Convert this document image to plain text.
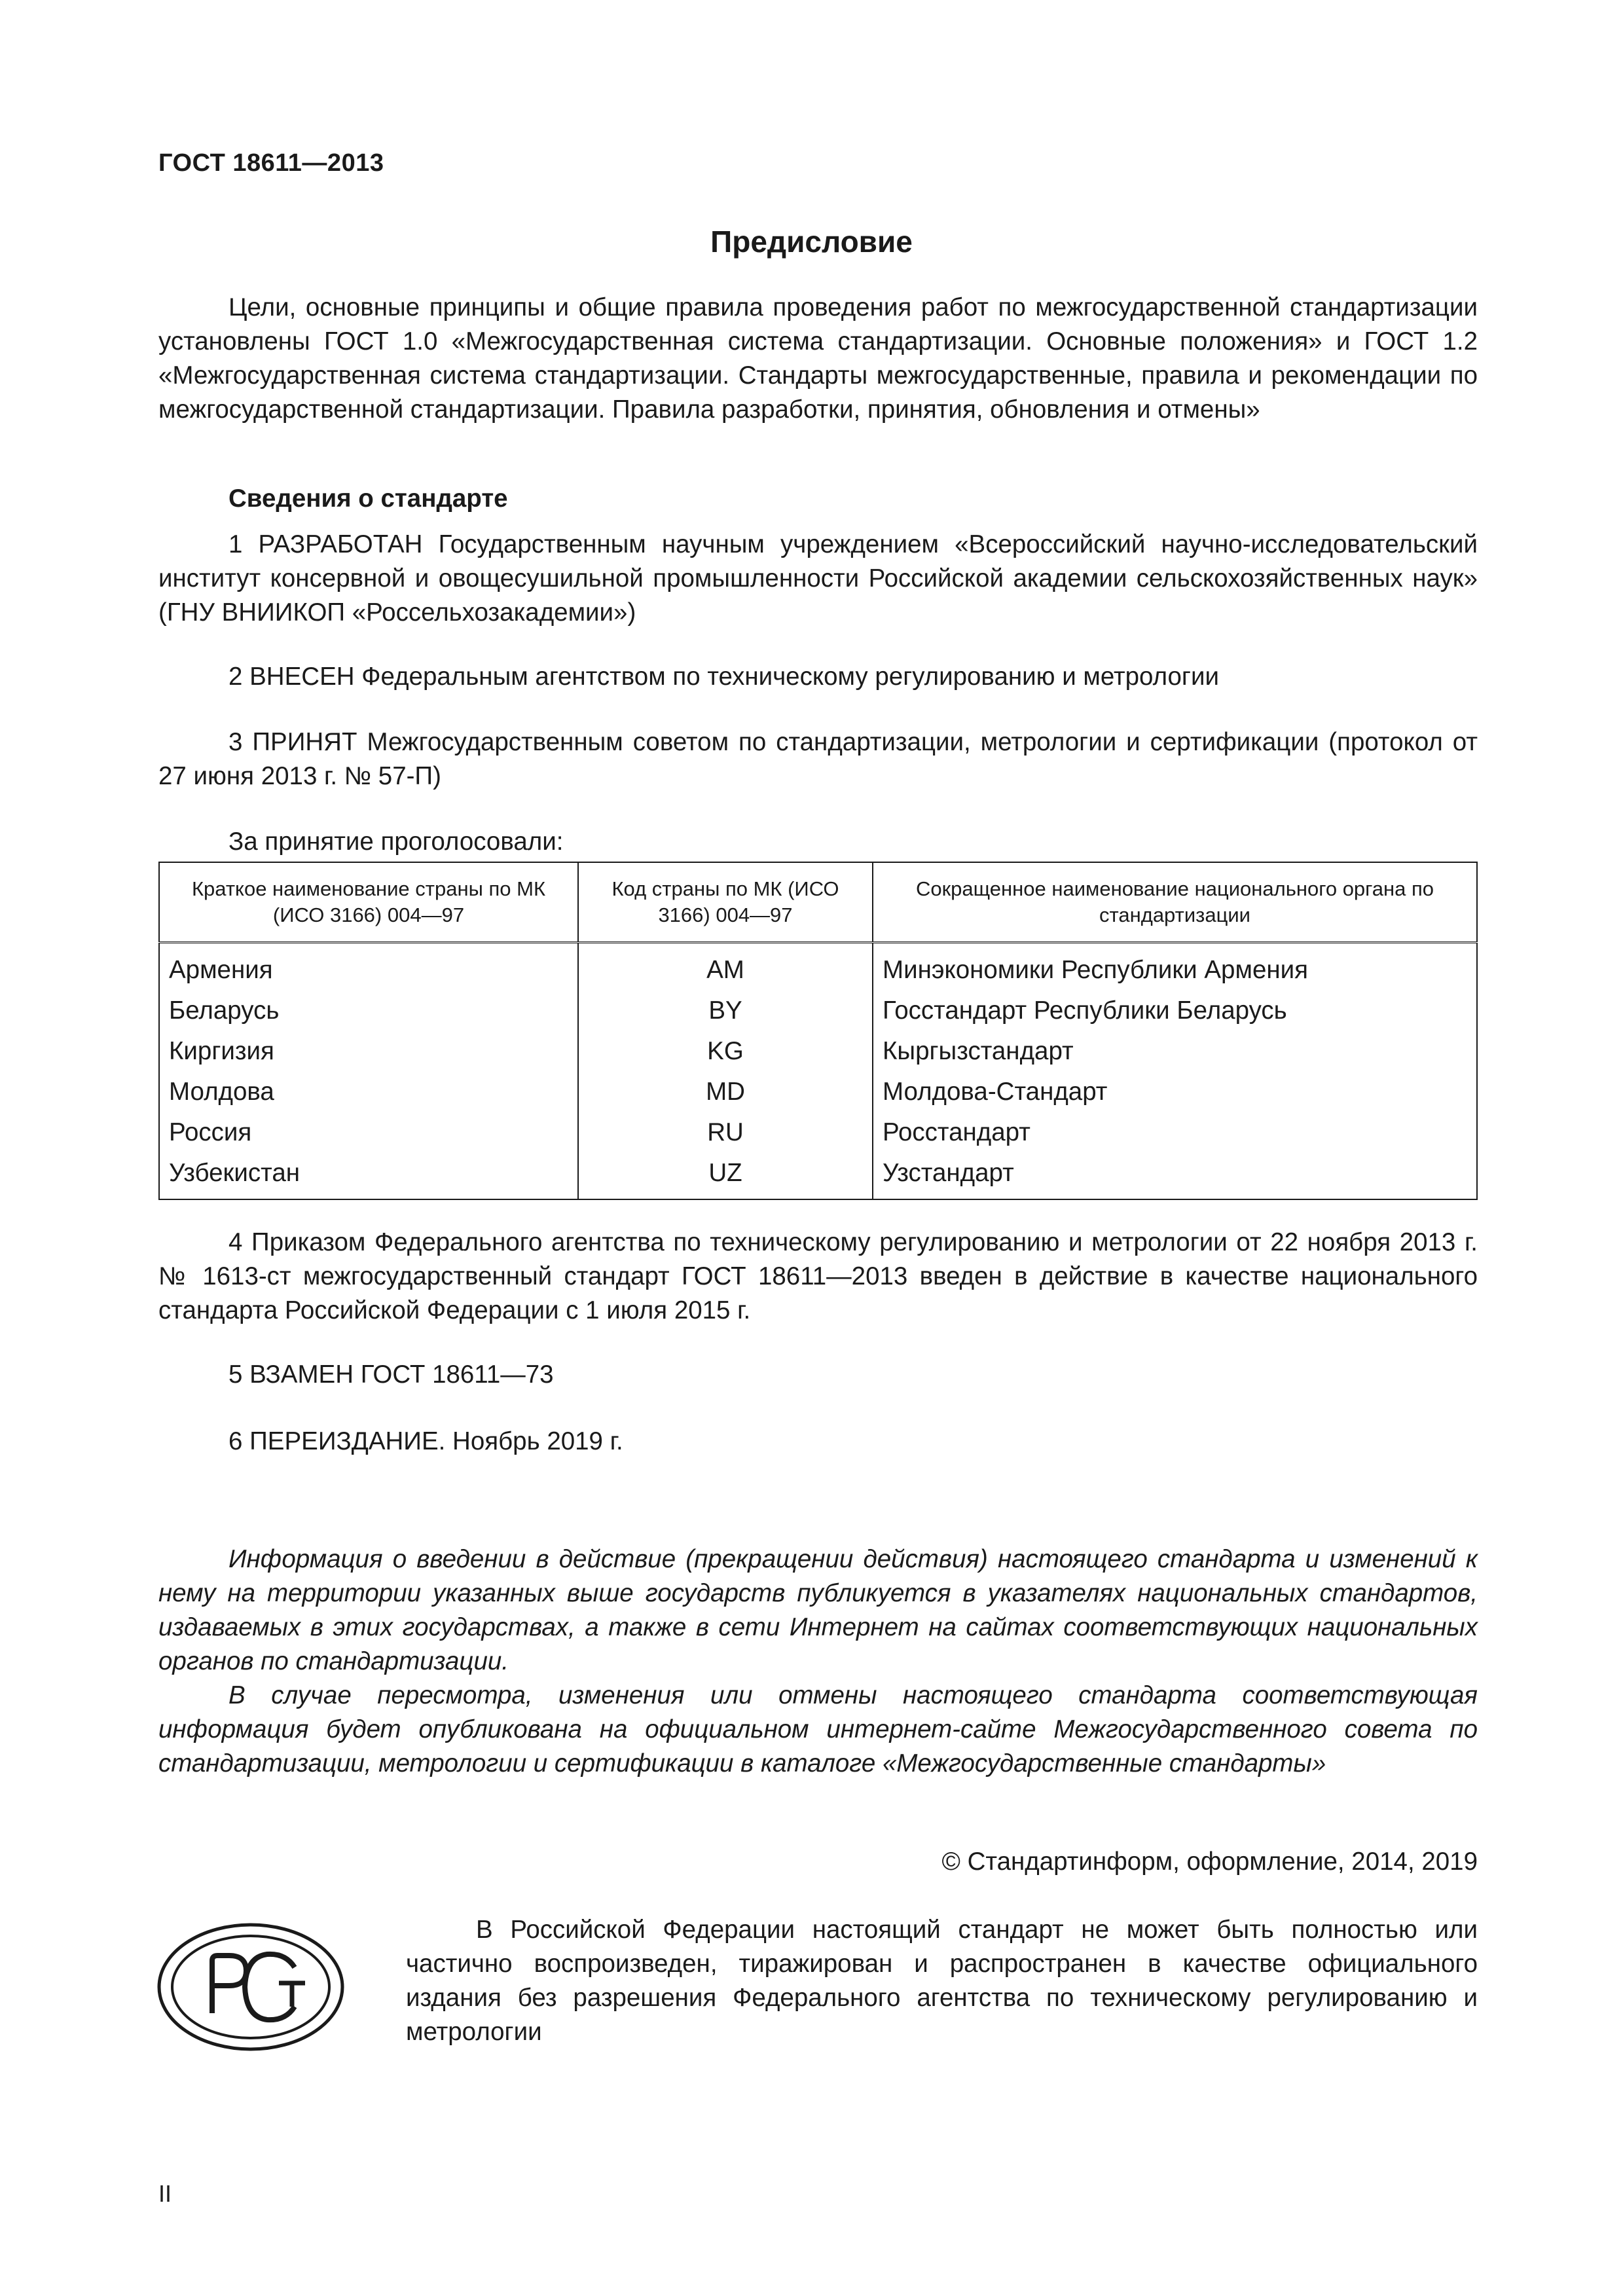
ГОСТ 18611—2013
Предисловие

Цели, основные принципы и общие правила проведения работ по межгосударственной стандартизации установлены ГОСТ 1.0 «Межгосударственная система стандартизации. Основные положения» и ГОСТ 1.2 «Межгосударственная система стандартизации. Стандарты межгосударственные, правила и рекомендации по межгосударственной стандартизации. Правила разработки, принятия, обновления и отмены»

Сведения о стандарте

1 РАЗРАБОТАН Государственным научным учреждением «Всероссийский научно-исследовательский институт консервной и овощесушильной промышленности Российской академии сельскохозяйственных наук» (ГНУ ВНИИКОП «Россельхозакадемии»)

2 ВНЕСЕН Федеральным агентством по техническому регулированию и метрологии

3 ПРИНЯТ Межгосударственным советом по стандартизации, метрологии и сертификации (протокол от 27 июня 2013 г. № 57-П)

За принятие проголосовали:

Краткое наименование страны по МК (ИСО 3166) 004—97	Код страны по МК (ИСО 3166) 004—97	Сокращенное наименование национального органа по стандартизации
Армения	AM	Минэкономики Республики Армения
Беларусь	BY	Госстандарт Республики Беларусь
Киргизия	KG	Кыргызстандарт
Молдова	MD	Молдова-Стандарт
Россия	RU	Росстандарт
Узбекистан	UZ	Узстандарт

4 Приказом Федерального агентства по техническому регулированию и метрологии от 22 ноября 2013 г. № 1613-ст межгосударственный стандарт ГОСТ 18611—2013 введен в действие в качестве национального стандарта Российской Федерации с 1 июля 2015 г.

5 ВЗАМЕН ГОСТ 18611—73

6 ПЕРЕИЗДАНИЕ. Ноябрь 2019 г.

Информация о введении в действие (прекращении действия) настоящего стандарта и изменений к нему на территории указанных выше государств публикуется в указателях национальных стандартов, издаваемых в этих государствах, а также в сети Интернет на сайтах соответствующих национальных органов по стандартизации.

В случае пересмотра, изменения или отмены настоящего стандарта соответствующая информация будет опубликована на официальном интернет-сайте Межгосударственного совета по стандартизации, метрологии и сертификации в каталоге «Межгосударственные стандарты»

© Стандартинформ, оформление, 2014, 2019

В Российской Федерации настоящий стандарт не может быть полностью или частично воспроизведен, тиражирован и распространен в качестве официального издания без разрешения Федерального агентства по техническому регулированию и метрологии

II
